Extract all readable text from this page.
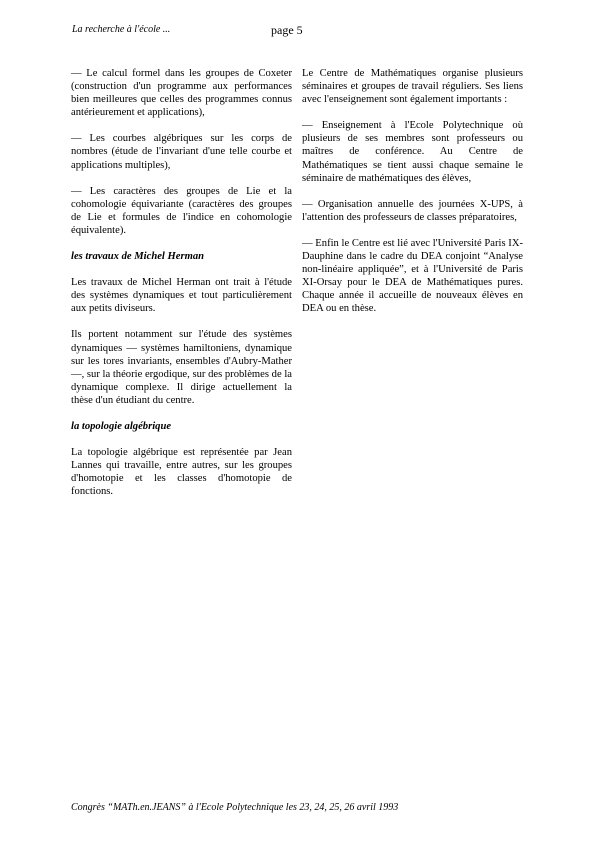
La recherche à l'école ...	page 5

— Le calcul formel dans les groupes de Coxeter (construction d'un programme aux performances bien meilleures que celles des programmes connus antérieurement et applications),

— Les courbes algébriques sur les corps de nombres (étude de l'invariant d'une telle courbe et applications multiples),

— Les caractères des groupes de Lie et la cohomologie équivariante (caractères des groupes de Lie et formules de l'indice en cohomologie équivalente).

les travaux de Michel Herman

Les travaux de Michel Herman ont trait à l'étude des systèmes dynamiques et tout particulièrement aux petits diviseurs.

Ils portent notamment sur l'étude des systèmes dynamiques — systèmes hamiltoniens, dynamique sur les tores invariants, ensembles d'Aubry-Mather —, sur la théorie ergodique, sur des problèmes de la dynamique complexe. Il dirige actuellement la thèse d'un étudiant du centre.

la topologie algébrique

La topologie algébrique est représentée par Jean Lannes qui travaille, entre autres, sur les groupes d'homotopie et les classes d'homotopie de fonctions.

Le Centre de Mathématiques organise plusieurs séminaires et groupes de travail réguliers. Ses liens avec l'enseignement sont également importants :

— Enseignement à l'Ecole Polytechnique où plusieurs de ses membres sont professeurs ou maîtres de conférence. Au Centre de Mathématiques se tient aussi chaque semaine le séminaire de mathématiques des élèves,

— Organisation annuelle des journées X-UPS, à l'attention des professeurs de classes préparatoires,

— Enfin le Centre est lié avec l'Université Paris IX-Dauphine dans le cadre du DEA conjoint “Analyse non-linéaire appliquée”, et à l'Université de Paris XI-Orsay pour le DEA de Mathématiques pures. Chaque année il accueille de nouveaux élèves en DEA ou en thèse.

Congrès “MATh.en.JEANS” à l'Ecole Polytechnique les 23, 24, 25, 26 avril 1993
